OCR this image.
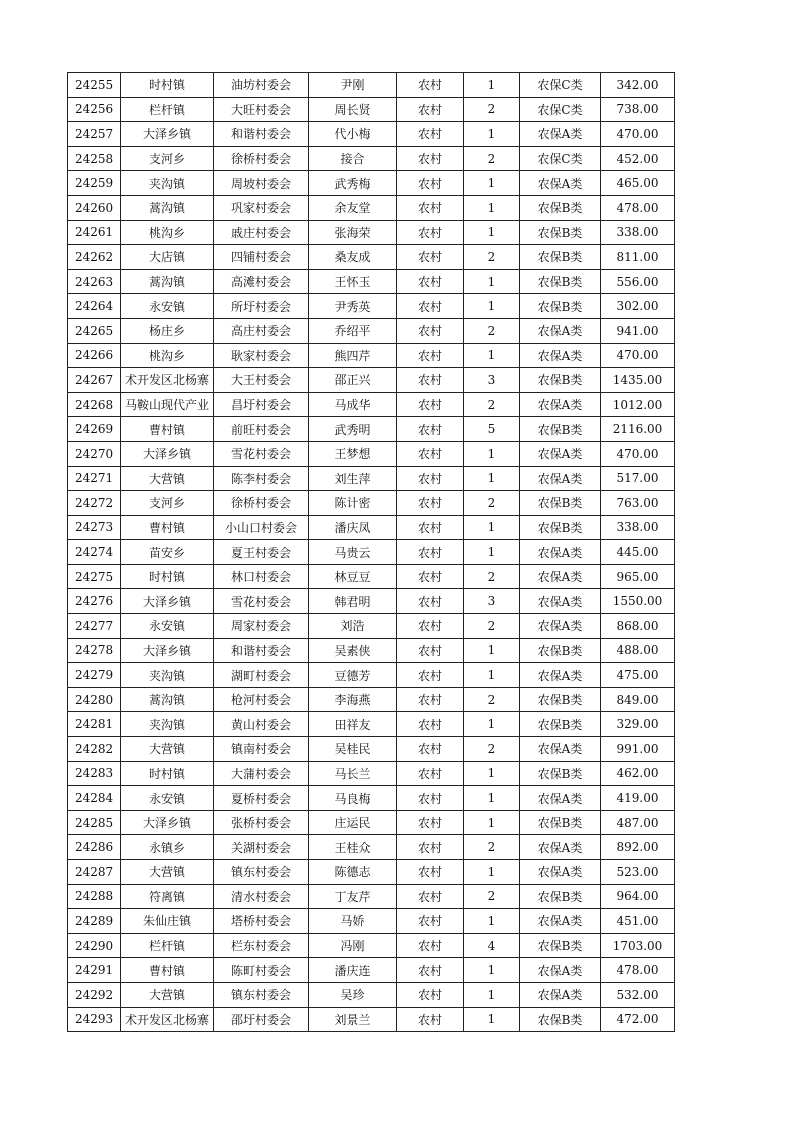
24255	时村镇	油坊村委会	尹刚	农村	1	农保C类	342.00

24256	栏杆镇	大旺村委会	周长贤	农村	2	农保C类	738.00

24257	大泽乡镇	和谐村委会	代小梅	农村	1	农保A类	470.00

24258	支河乡	徐桥村委会	接合	农村	2	农保C类	452.00

24259	夹沟镇	周坡村委会	武秀梅	农村	1	农保A类	465.00

24260	蒿沟镇	巩家村委会	余友堂	农村	1	农保B类	478.00

24261	桃沟乡	戚庄村委会	张海荣	农村	1	农保B类	338.00

24262	大店镇	四铺村委会	桑友成	农村	2	农保B类	811.00

24263	蒿沟镇	高滩村委会	王怀玉	农村	1	农保B类	556.00

24264	永安镇	所圩村委会	尹秀英	农村	1	农保B类	302.00

24265	杨庄乡	高庄村委会	乔绍平	农村	2	农保A类	941.00

24266	桃沟乡	耿家村委会	熊四芹	农村	1	农保A类	470.00

24267	术开发区北杨寨	大王村委会	邵正兴	农村	3	农保B类	1435.00

24268	马鞍山现代产业	昌圩村委会	马成华	农村	2	农保A类	1012.00

24269	曹村镇	前旺村委会	武秀明	农村	5	农保B类	2116.00

24270	大泽乡镇	雪花村委会	王梦想	农村	1	农保A类	470.00

24271	大营镇	陈李村委会	刘生萍	农村	1	农保A类	517.00

24272	支河乡	徐桥村委会	陈计密	农村	2	农保B类	763.00

24273	曹村镇	小山口村委会	潘庆凤	农村	1	农保B类	338.00

24274	苗安乡	夏王村委会	马贵云	农村	1	农保A类	445.00

24275	时村镇	林口村委会	林豆豆	农村	2	农保A类	965.00

24276	大泽乡镇	雪花村委会	韩君明	农村	3	农保A类	1550.00

24277	永安镇	周家村委会	刘浩	农村	2	农保A类	868.00

24278	大泽乡镇	和谐村委会	吴素侠	农村	1	农保B类	488.00

24279	夹沟镇	湖町村委会	豆德芳	农村	1	农保A类	475.00

24280	蒿沟镇	枪河村委会	李海燕	农村	2	农保B类	849.00

24281	夹沟镇	黄山村委会	田祥友	农村	1	农保B类	329.00

24282	大营镇	镇南村委会	吴桂民	农村	2	农保A类	991.00

24283	时村镇	大蒲村委会	马长兰	农村	1	农保B类	462.00

24284	永安镇	夏桥村委会	马良梅	农村	1	农保A类	419.00

24285	大泽乡镇	张桥村委会	庄运民	农村	1	农保B类	487.00

24286	永镇乡	关湖村委会	王桂众	农村	2	农保A类	892.00

24287	大营镇	镇东村委会	陈德志	农村	1	农保A类	523.00

24288	符离镇	清水村委会	丁友芹	农村	2	农保B类	964.00

24289	朱仙庄镇	塔桥村委会	马娇	农村	1	农保A类	451.00

24290	栏杆镇	栏东村委会	冯刚	农村	4	农保B类	1703.00

24291	曹村镇	陈町村委会	潘庆连	农村	1	农保A类	478.00

24292	大营镇	镇东村委会	吴珍	农村	1	农保A类	532.00

24293	术开发区北杨寨	邵圩村委会	刘景兰	农村	1	农保B类	472.00
